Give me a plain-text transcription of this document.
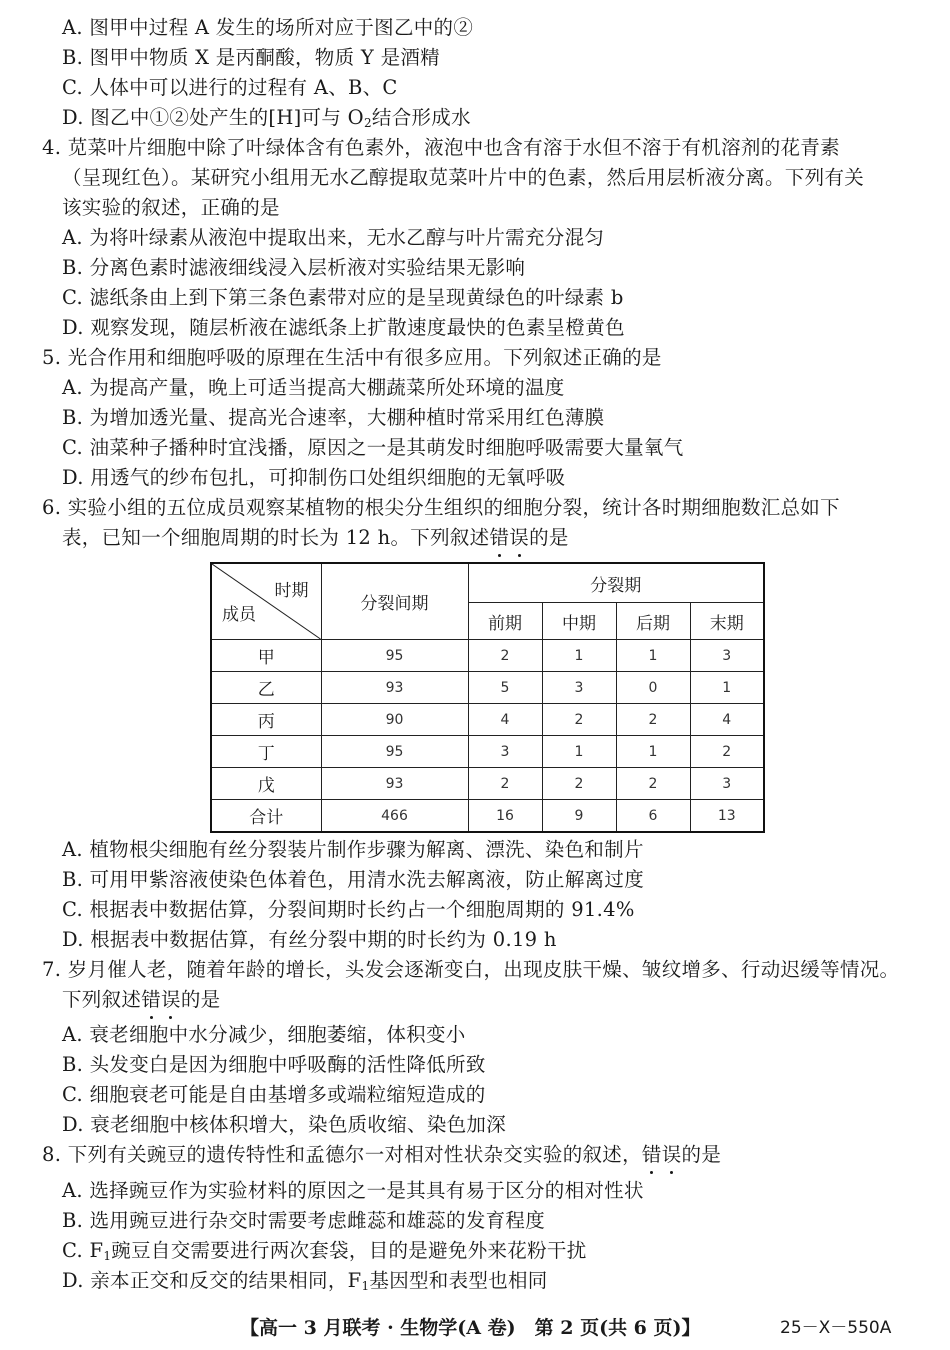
A. 图甲中过程 A 发生的场所对应于图乙中的②
B. 图甲中物质 X 是丙酮酸，物质 Y 是酒精
C. 人体中可以进行的过程有 A、B、C
D. 图乙中①②处产生的[H]可与 $O_2$结合形成水
4. 苋菜叶片细胞中除了叶绿体含有色素外，液泡中也含有溶于水但不溶于有机溶剂的花青素
（呈现红色）。某研究小组用无水乙醇提取苋菜叶片中的色素，然后用层析液分离。下列有关
该实验的叙述，正确的是
A. 为将叶绿素从液泡中提取出来，无水乙醇与叶片需充分混匀
B. 分离色素时滤液细线浸入层析液对实验结果无影响
C. 滤纸条由上到下第三条色素带对应的是呈现黄绿色的叶绿素 b
D. 观察发现，随层析液在滤纸条上扩散速度最快的色素呈橙黄色
5. 光合作用和细胞呼吸的原理在生活中有很多应用。下列叙述正确的是
A. 为提高产量，晚上可适当提高大棚蔬菜所处环境的温度
B. 为增加透光量、提高光合速率，大棚种植时常采用红色薄膜
C. 油菜种子播种时宜浅播，原因之一是其萌发时细胞呼吸需要大量氧气
D. 用透气的纱布包扎，可抑制伤口处组织细胞的无氧呼吸
6. 实验小组的五位成员观察某植物的根尖分生组织的细胞分裂，统计各时期细胞数汇总如下
表，已知一个细胞周期的时长为 12 h。下列叙述错误的是
时期
成员	分裂间期	分裂期			
		前期	中期	后期	末期
甲	95	2	1	1	3
乙	93	5	3	0	1
丙	90	4	2	2	4
丁	95	3	1	1	2
戊	93	2	2	2	3
合计	466	16	9	6	13
A. 植物根尖细胞有丝分裂装片制作步骤为解离、漂洗、染色和制片
B. 可用甲紫溶液使染色体着色，用清水洗去解离液，防止解离过度
C. 根据表中数据估算，分裂间期时长约占一个细胞周期的 91.4%
D. 根据表中数据估算，有丝分裂中期的时长约为 0.19 h
7. 岁月催人老，随着年龄的增长，头发会逐渐变白，出现皮肤干燥、皱纹增多、行动迟缓等情况。
下列叙述错误的是
A. 衰老细胞中水分减少，细胞萎缩，体积变小
B. 头发变白是因为细胞中呼吸酶的活性降低所致
C. 细胞衰老可能是自由基增多或端粒缩短造成的
D. 衰老细胞中核体积增大，染色质收缩、染色加深
8. 下列有关豌豆的遗传特性和孟德尔一对相对性状杂交实验的叙述，错误的是
A. 选择豌豆作为实验材料的原因之一是其具有易于区分的相对性状
B. 选用豌豆进行杂交时需要考虑雌蕊和雄蕊的发育程度
C. $F_1$豌豆自交需要进行两次套袋，目的是避免外来花粉干扰
D. 亲本正交和反交的结果相同，$F_1$基因型和表型也相同
【高一 3 月联考 · 生物学(A 卷)　第 2 页(共 6 页)】	25－X－550A
